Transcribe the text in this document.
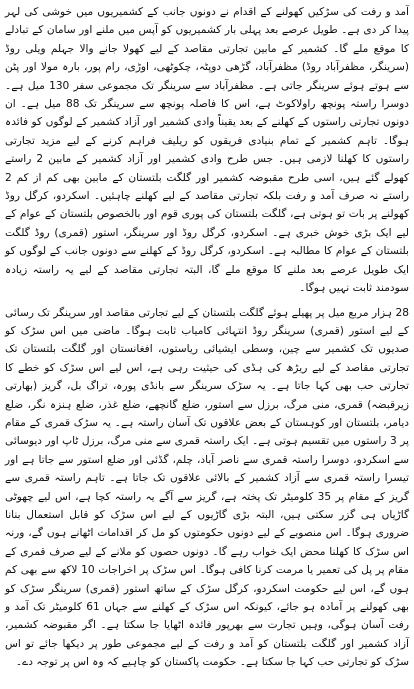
آمد و رفت کی سڑکیں کھولنے کے اقدام نے دونوں جانب کے کشمیریوں میں خوشی کی لہر پیدا کر دی ہے۔ طویل عرصے بعد پہلی بار کشمیریوں کو آپس میں ملنے اور سامان کے تبادلے کا موقع ملے گا۔ کشمیر کے مابین تجارتی مقاصد کے لیے کھولا جانے والا جہلم ویلی روڈ (سرینگر، مظفرآباد روڈ) مظفرآباد، گڑھی دوپٹہ، چکوٹھی، اوڑی، رام پور، بارہ مولا اور پٹن سے ہوتے ہوئے سرینگر جاتی ہے۔ مظفرآباد سے سرینگر تک مجموعی سفر 130 میل ہے۔ دوسرا راستہ پونچھ راولاکوٹ ہے، اس کا فاصلہ پونچھ سے سرینگر تک 88 میل ہے۔ ان دونوں تجارتی راستوں کے کھلنے کے بعد یقیناً وادی کشمیر اور آزاد کشمیر کے لوگوں کو فائدہ ہوگا۔ تاہم کشمیر کے تمام بنیادی فریقوں کو ریلیف فراہم کرنے کے لیے مزید تجارتی راستوں کا کھلنا لازمی ہیں۔ جس طرح وادی کشمیر اور آزاد کشمیر کے مابین 2 راستے کھولے گئے ہیں، اسی طرح مقبوضہ کشمیر اور گلگت بلتستان کے مابین بھی کم از کم 2 راستے نہ صرف آمد و رفت بلکہ تجارتی مقاصد کے لیے کھلنے چاہئیں۔ اسکردو، کرگل روڈ کھولنے پر بات تو ہوتی ہے، گلگت بلتستان کی پوری قوم اور بالخصوص بلتستان کے عوام کے لیے ایک بڑی خوش خبری ہے۔ اسکردو، کرگل روڈ اور سرینگر، استور (قمری) روڈ گلگت بلتستان کے عوام کا مطالبہ ہے۔ اسکردو، کرگل روڈ کے کھلنے سے دونوں جانب کے لوگوں کو ایک طویل عرصے بعد ملنے کا موقع ملے گا، البتہ تجارتی مقاصد کے لیے یہ راستہ زیادہ سودمند ثابت نہیں ہوگا۔

28 ہزار مربع میل پر پھیلے ہوئے گلگت بلتستان کے لیے تجارتی مقاصد اور سرینگر تک رسائی کے لیے استور (قمری) سرینگر روڈ انتہائی کامیاب ثابت ہوگا۔ ماضی میں اس سڑک کو صدیوں تک کشمیر سے چین، وسطی ایشیائی ریاستوں، افغانستان اور گلگت بلتستان تک تجارتی مقاصد کے لیے ریڑھ کی ہڈی کی حیثیت رہی ہے، اس لیے اس سڑک کو خطے کا تجارتی حب بھی کہا جاتا ہے۔ یہ سڑک سرینگر سے بانڈی پورہ، تراگ بل، گریز (بھارتی زیرقبضہ) قمری، منی مرگ، برزل سے استور، ضلع گانچھے، ضلع غذر، ضلع ہنزہ نگر، ضلع دیامر، بلتستان اور کوہستان کے بعض علاقوں تک آسان راستہ ہے۔ یہ سڑک قمری کے مقام پر 3 راستوں میں تقسیم ہوتی ہے۔ ایک راستہ قمری سے منی مرگ، برزل ٹاپ اور دیوسائی سے اسکردو، دوسرا راستہ قمری سے ناصر آباد، چلم، گڈئی اور ضلع استور سے جاتا ہے اور تیسرا راستہ قمری سے آزاد کشمیر کے بالائی علاقوں تک جاتا ہے۔ تاہم راستہ قمری سے گریز کے مقام پر 35 کلومیٹر تک پختہ ہے، گریز سے آگے یہ راستہ کچا ہے، اس لیے چھوٹی گاڑیاں ہی گزر سکتی ہیں، البتہ بڑی گاڑیوں کے لیے اس سڑک کو قابل استعمال بنانا ضروری ہوگا۔ اس منصوبے کے لیے دونوں حکومتوں کو مل کر اقدامات اٹھانے ہوں گے، ورنہ اس سڑک کا کھلنا محض ایک خواب رہے گا۔ دونوں حصوں کو ملانے کے لیے صرف قمری کے مقام پر پل کی تعمیر یا مرمت کرنا کافی ہوگا۔ اس سڑک پر اخراجات 10 لاکھ سے بھی کم ہوں گے، اس لیے حکومت اسکردو، کرگل سڑک کے ساتھ استور (قمری) سرینگر سڑک کو بھی کھولنے پر آمادہ ہو جائے، کیونکہ اس سڑک کے کھلنے سے جہاں 61 کلومیٹر تک آمد و رفت آسان ہوگی، وہیں تجارت سے بھرپور فائدہ اٹھایا جا سکتا ہے۔ اگر مقبوضہ کشمیر، آزاد کشمیر اور گلگت بلتستان کو آمد و رفت کے لیے مجموعی طور پر دیکھا جائے تو اس سڑک کو تجارتی حب کہا جا سکتا ہے۔ حکومت پاکستان کو چاہیے کہ وہ اس پر توجہ دے۔
